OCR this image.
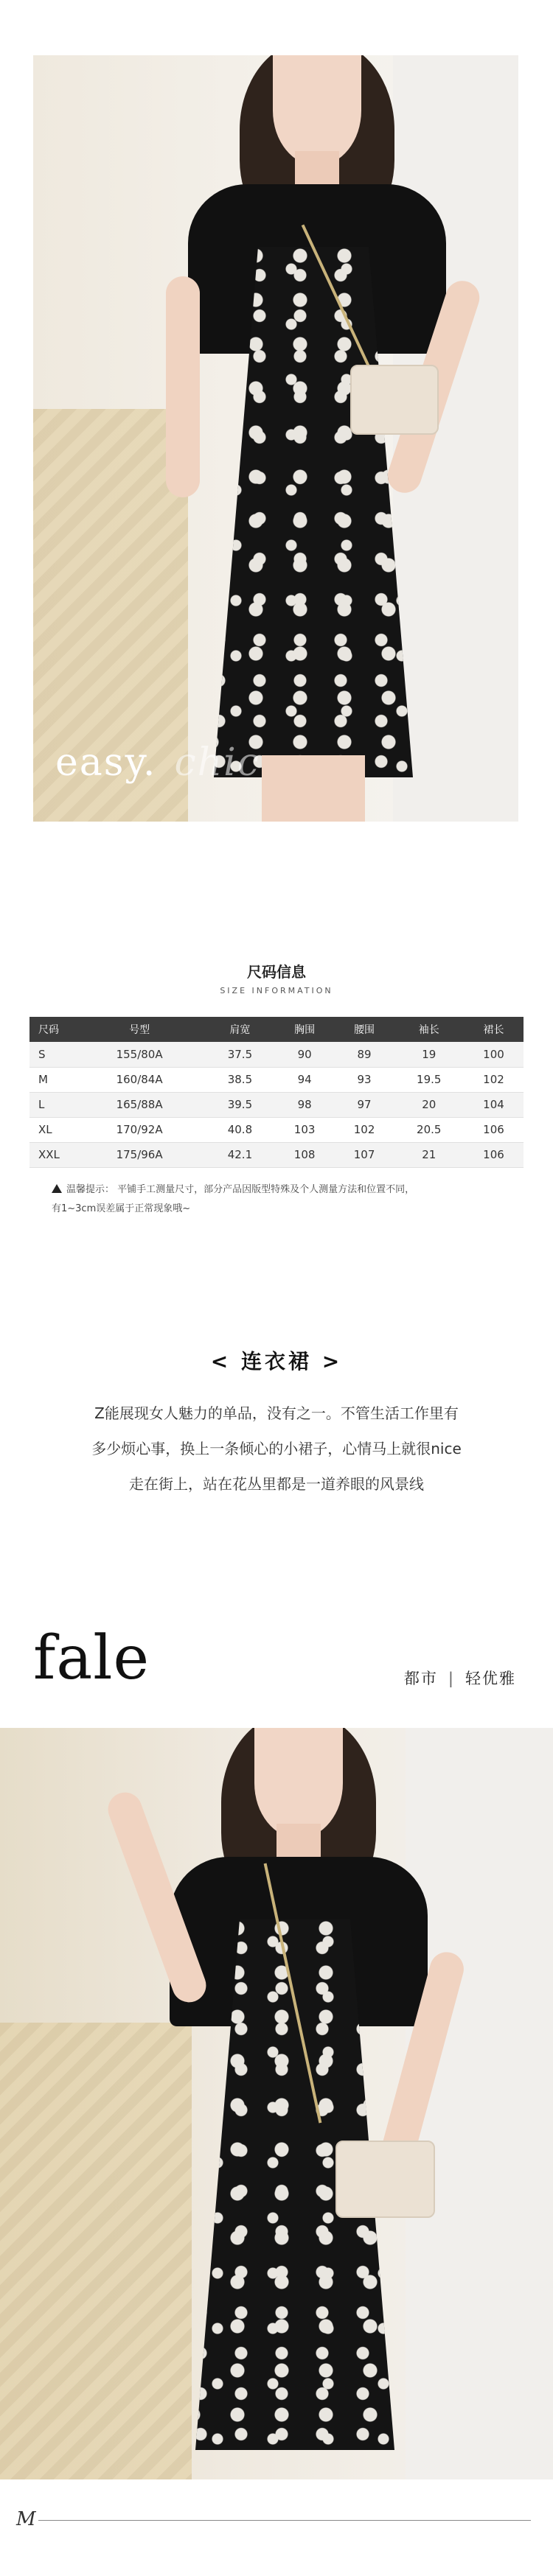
easy. chic
尺码信息
SIZE INFORMATION
尺码	号型	肩宽	胸围	腰围	袖长	裙长
S	155/80A	37.5	90	89	19	100
M	160/84A	38.5	94	93	19.5	102
L	165/88A	39.5	98	97	20	104
XL	170/92A	40.8	103	102	20.5	106
XXL	175/96A	42.1	108	107	21	106
温馨提示： 平铺手工测量尺寸，部分产品因版型特殊及个人测量方法和位置不同，
有1~3cm误差属于正常现象哦~
< 连衣裙 >
Z能展现女人魅力的单品，没有之一。不管生活工作里有
多少烦心事，换上一条倾心的小裙子，心情马上就很nice
走在街上，站在花丛里都是一道养眼的风景线
fale	都市 | 轻优雅
M
